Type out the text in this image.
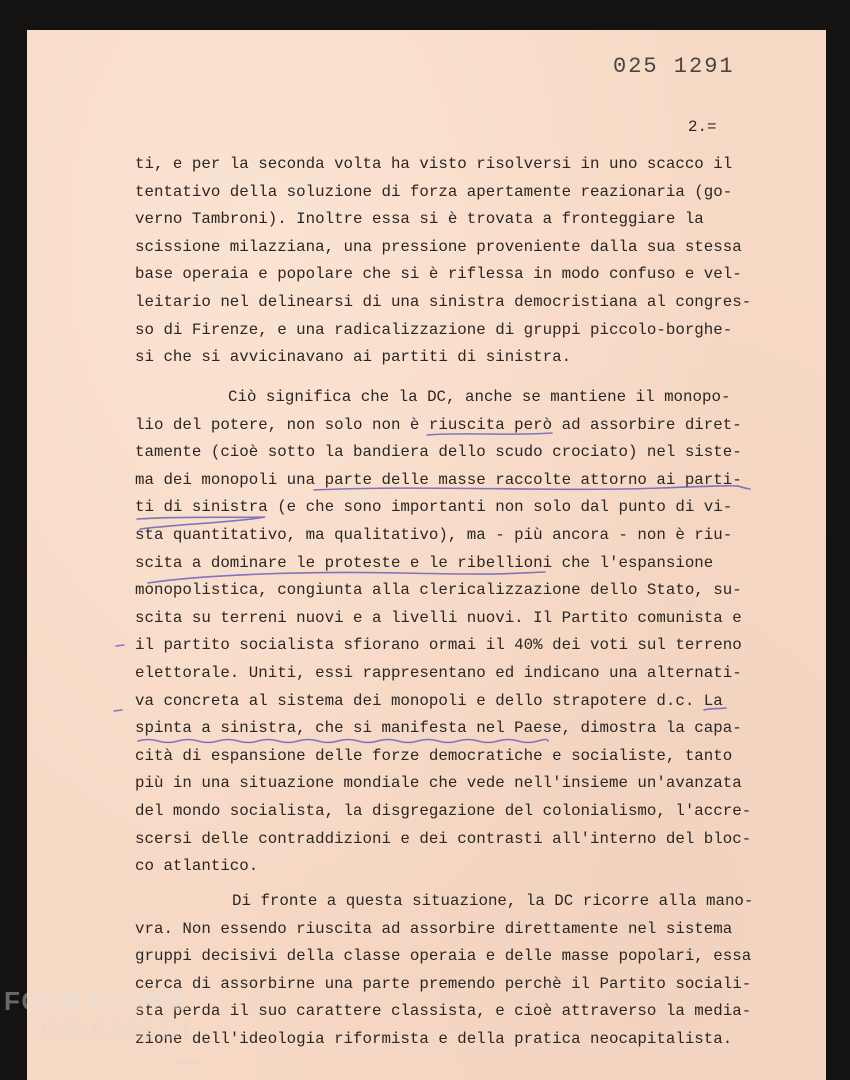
025 1291
2.=
ti, e per la seconda volta ha visto risolversi in uno scacco il
tentativo della soluzione di forza apertamente reazionaria (go-
verno Tambroni). Inoltre essa si è trovata a fronteggiare la
scissione milazziana, una pressione proveniente dalla sua stessa
base operaia e popolare che si è riflessa in modo confuso e vel-
leitario nel delinearsi di una sinistra democristiana al congres-
so di Firenze, e una radicalizzazione di gruppi piccolo-borghe-
si che si avvicinavano ai partiti di sinistra.
Ciò significa che la DC, anche se mantiene il monopo-
lio del potere, non solo non è riuscita però ad assorbire diret-
tamente (cioè sotto la bandiera dello scudo crociato) nel siste-
ma dei monopoli una parte delle masse raccolte attorno ai parti-
ti di sinistra (e che sono importanti non solo dal punto di vi-
sta quantitativo, ma qualitativo), ma - più ancora - non è riu-
scita a dominare le proteste e le ribellioni che l'espansione
monopolistica, congiunta alla clericalizzazione dello Stato, su-
scita su terreni nuovi e a livelli nuovi. Il Partito comunista e
il partito socialista sfiorano ormai il 40% dei voti sul terreno
elettorale. Uniti, essi rappresentano ed indicano una alternati-
va concreta al sistema dei monopoli e dello strapotere d.c. La
spinta a sinistra, che si manifesta nel Paese, dimostra la capa-
cità di espansione delle forze democratiche e socialiste, tanto
più in una situazione mondiale che vede nell'insieme un'avanzata
del mondo socialista, la disgregazione del colonialismo, l'accre-
scersi delle contraddizioni e dei contrasti all'interno del bloc-
co atlantico.
Di fronte a questa situazione, la DC ricorre alla mano-
vra. Non essendo riuscita ad assorbire direttamente nel sistema
gruppi decisivi della classe operaia e delle masse popolari, essa
cerca di assorbirne una parte premendo perchè il Partito sociali-
sta perda il suo carattere classista, e cioè attraverso la media-
zione dell'ideologia riformista e della pratica neocapitalista.
FONDAZIONE
GRAMSCI
onlus
